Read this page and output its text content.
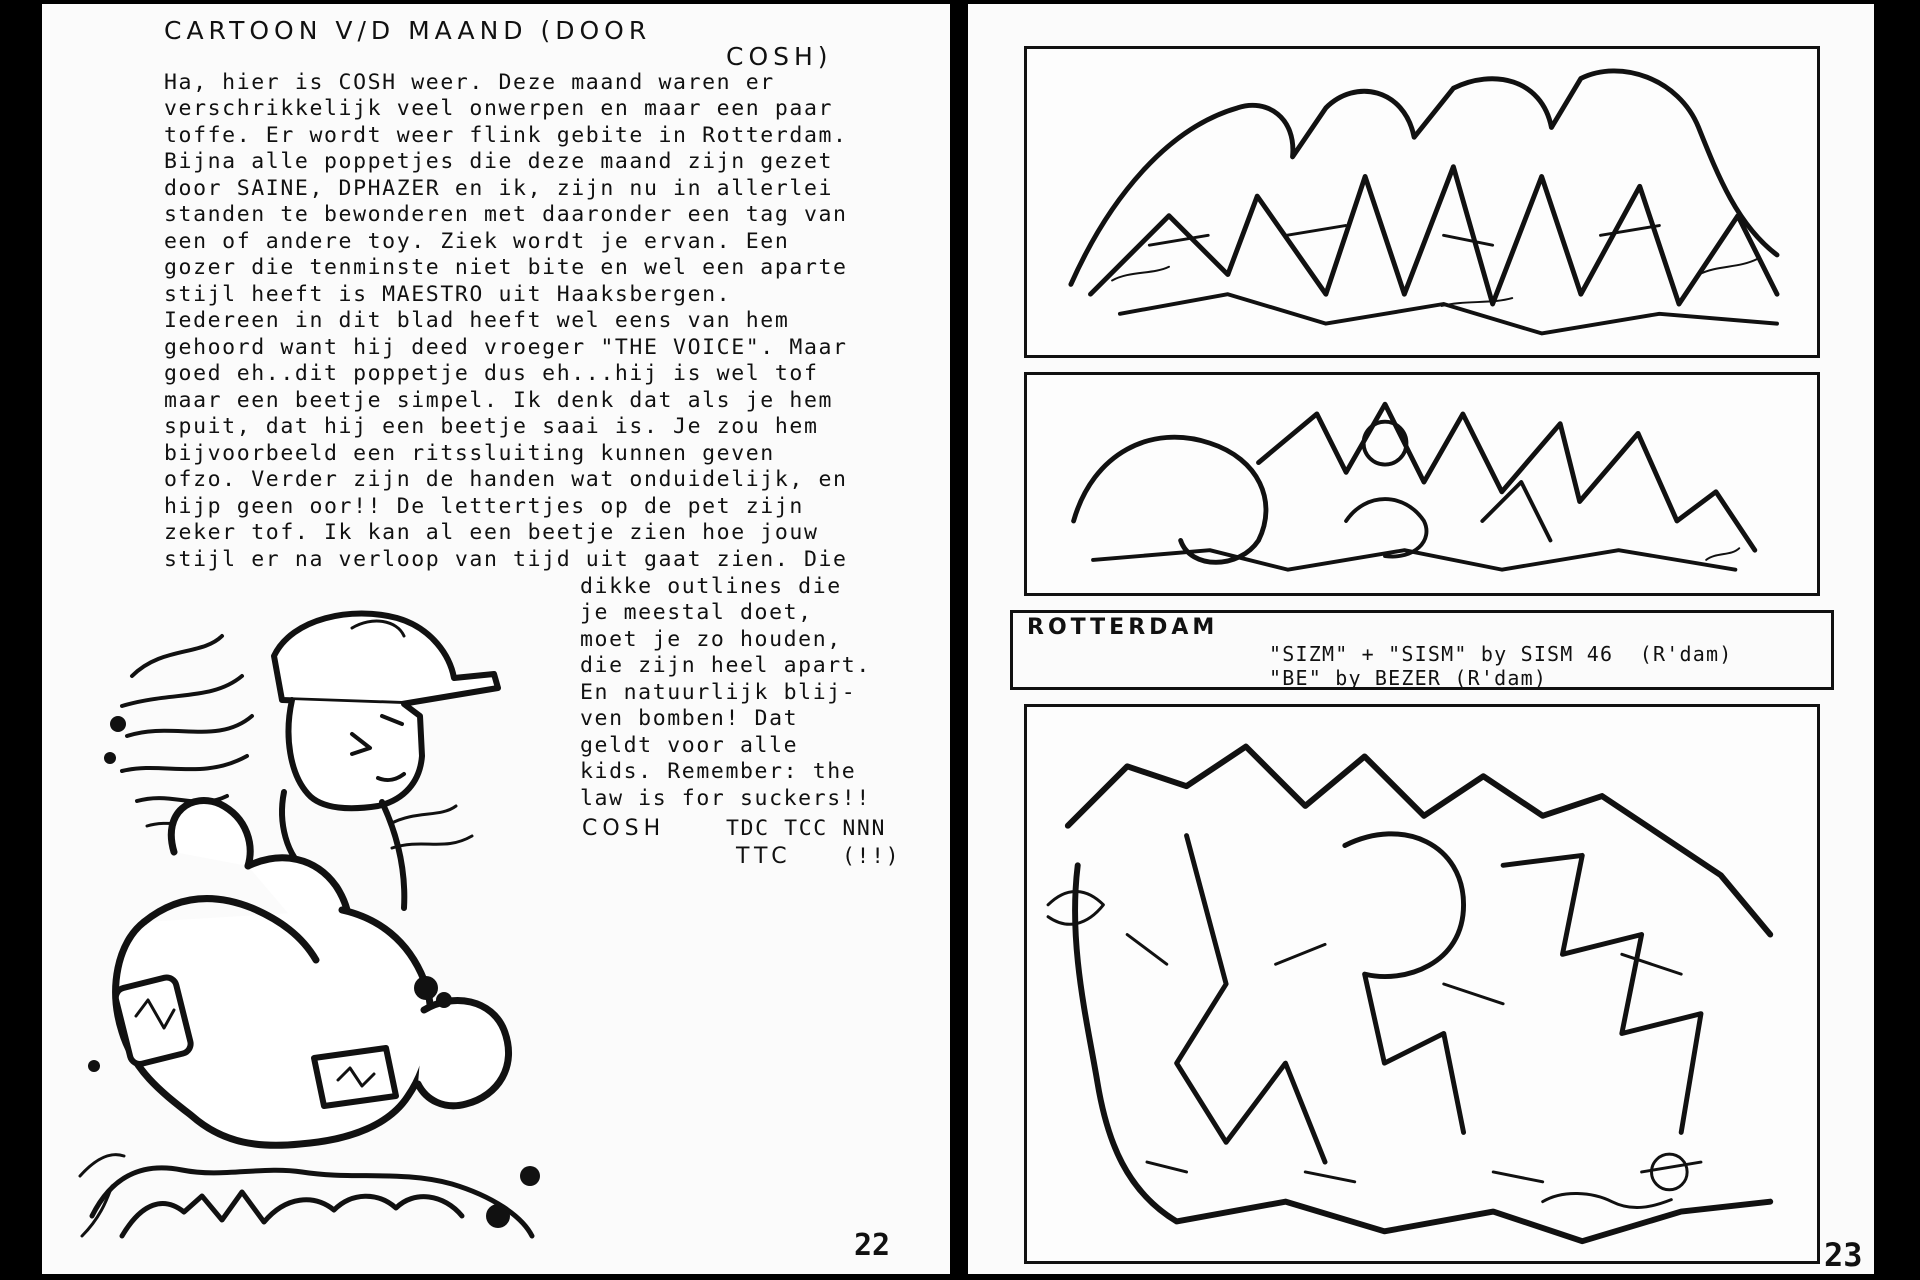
CARTOON V/D MAAND (DOOR
COSH)
Ha, hier is COSH weer. Deze maand waren er
verschrikkelijk veel onwerpen en maar een paar
toffe. Er wordt weer flink gebite in Rotterdam.
Bijna alle poppetjes die deze maand zijn gezet
door SAINE, DPHAZER en ik, zijn nu in allerlei
standen te bewonderen met daaronder een tag van
een of andere toy. Ziek wordt je ervan. Een
gozer die tenminste niet bite en wel een aparte
stijl heeft is MAESTRO uit Haaksbergen.
Iedereen in dit blad heeft wel eens van hem
gehoord want hij deed vroeger "THE VOICE". Maar
goed eh..dit poppetje dus eh...hij is wel tof
maar een beetje simpel. Ik denk dat als je hem
spuit, dat hij een beetje saai is. Je zou hem
bijvoorbeeld een ritssluiting kunnen geven
ofzo. Verder zijn de handen wat onduidelijk, en
hijp geen oor!! De lettertjes op de pet zijn
zeker tof. Ik kan al een beetje zien hoe jouw
stijl er na verloop van tijd uit gaat zien. Die
dikke outlines die
je meestal doet,
moet je zo houden,
die zijn heel apart.
En natuurlijk blij-
ven bomben! Dat
geldt voor alle
kids. Remember: the
law is for suckers!!
COSH	TDC TCC NNN
TTC (!!)
22
ROTTERDAM
"SIZM" + "SISM" by SISM 46  (R'dam)
"BE" by BEZER (R'dam)
23
